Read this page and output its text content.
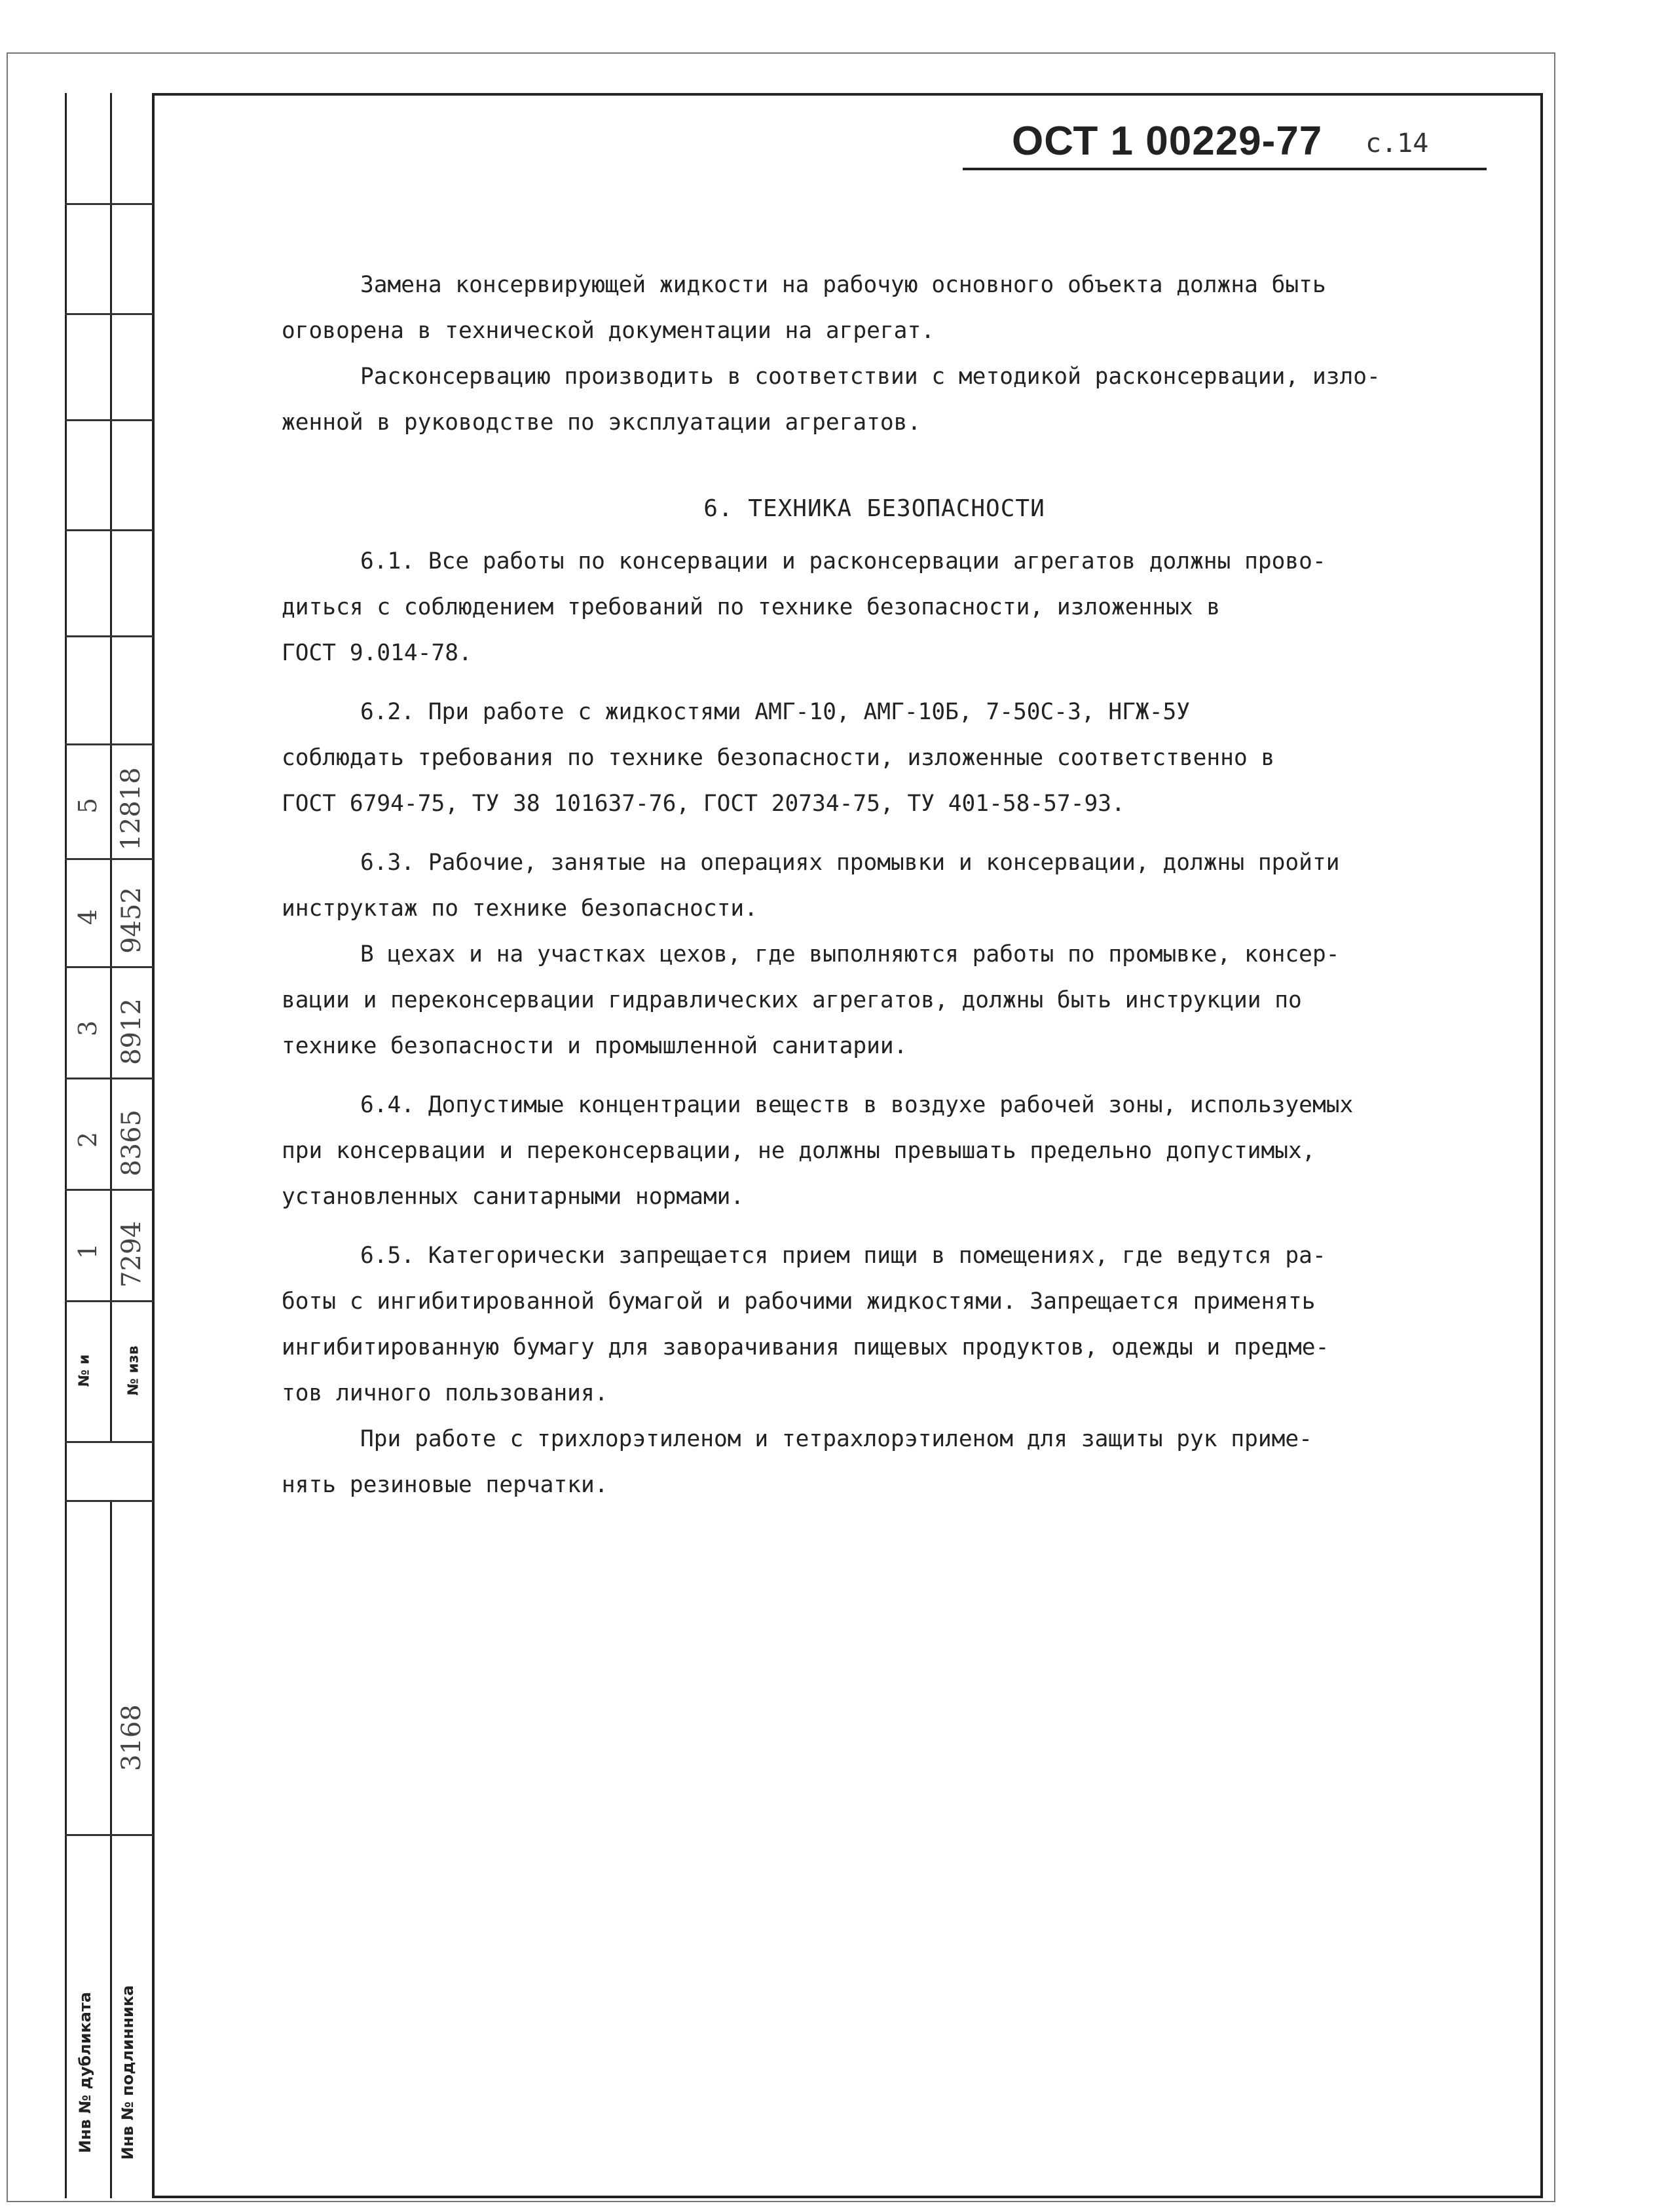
5 12818
4 9452
3 8912
2 8365
1 7294
№ и № изв
3168
Инв № дубликата Инв № подлинника
ОСТ 1 00229-77 с.14

Замена консервирующей жидкости на рабочую основного объекта должна быть
оговорена в технической документации на агрегат.

Расконсервацию производить в соответствии с методикой расконсервации, изло-
женной в руководстве по эксплуатации агрегатов.

6. ТЕХНИКА БЕЗОПАСНОСТИ

6.1. Все работы по консервации и расконсервации агрегатов должны прово-
диться с соблюдением требований по технике безопасности, изложенных в
ГОСТ 9.014-78.

6.2. При работе с жидкостями АМГ-10, АМГ-10Б, 7-50С-3, НГЖ-5У
соблюдать требования по технике безопасности, изложенные соответственно в
ГОСТ 6794-75, ТУ 38 101637-76, ГОСТ 20734-75, ТУ 401-58-57-93.

6.3. Рабочие, занятые на операциях промывки и консервации, должны пройти
инструктаж по технике безопасности.

В цехах и на участках цехов, где выполняются работы по промывке, консер-
вации и переконсервации гидравлических агрегатов, должны быть инструкции по
технике безопасности и промышленной санитарии.

6.4. Допустимые концентрации веществ в воздухе рабочей зоны, используемых
при консервации и переконсервации, не должны превышать предельно допустимых,
установленных санитарными нормами.

6.5. Категорически запрещается прием пищи в помещениях, где ведутся ра-
боты с ингибитированной бумагой и рабочими жидкостями. Запрещается применять
ингибитированную бумагу для заворачивания пищевых продуктов, одежды и предме-
тов личного пользования.

При работе с трихлорэтиленом и тетрахлорэтиленом для защиты рук приме-
нять резиновые перчатки.
